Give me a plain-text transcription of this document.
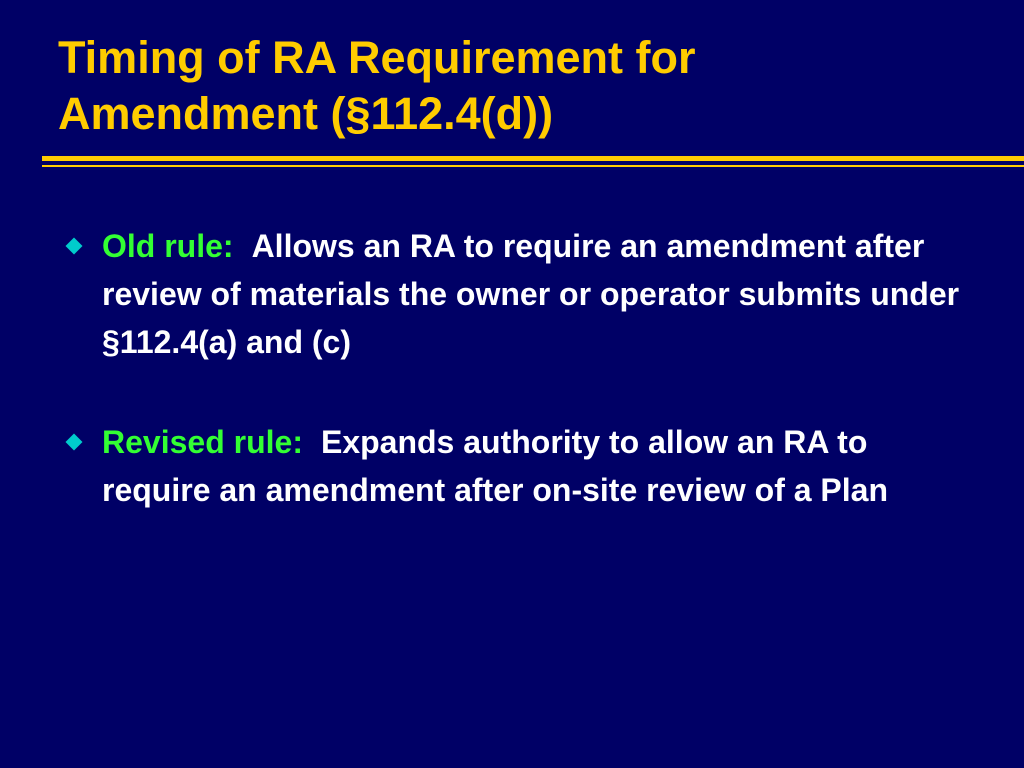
Timing of RA Requirement for
Amendment (§112.4(d))
Old rule: Allows an RA to require an amendment after review of materials the owner or operator submits under §112.4(a) and (c)
Revised rule: Expands authority to allow an RA to require an amendment after on-site review of a Plan
